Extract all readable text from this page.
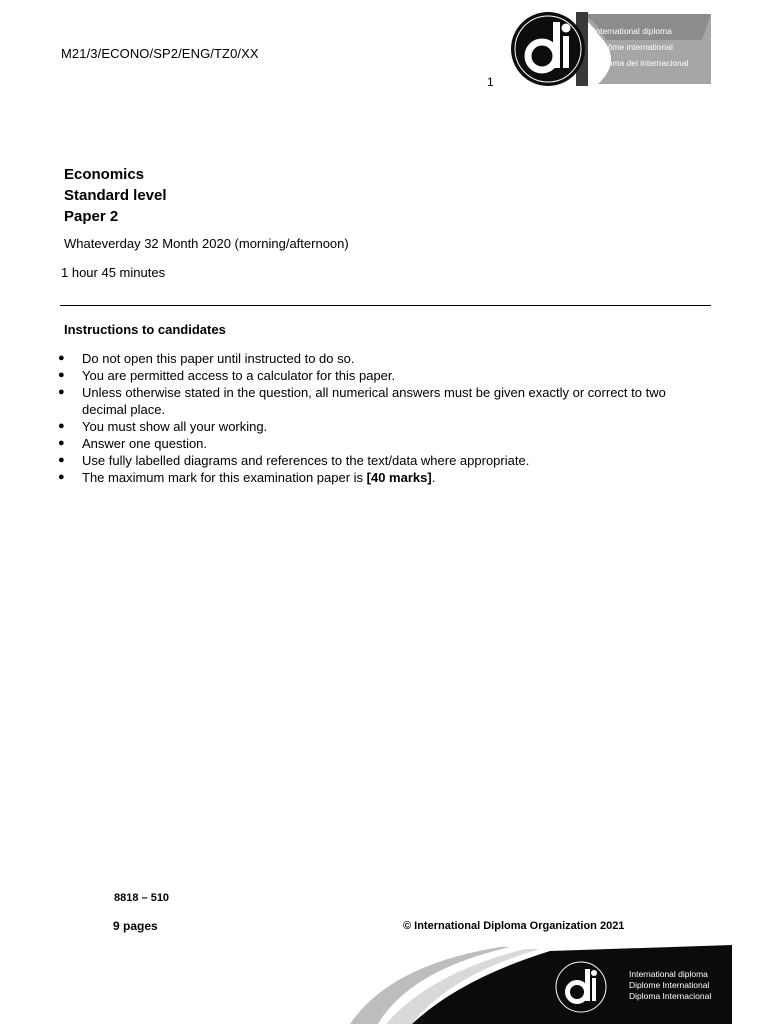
M21/3/ECONO/SP2/ENG/TZ0/XX
1
International diploma
Diplôme international
Diploma del internacional
Economics
Standard level
Paper 2
Whateverday 32 Month 2020 (morning/afternoon)
1 hour 45 minutes
Instructions to candidates
● Do not open this paper until instructed to do so.
● You are permitted access to a calculator for this paper.
● Unless otherwise stated in the question, all numerical answers must be given exactly or correct to two decimal place.
● You must show all your working.
● Answer one question.
● Use fully labelled diagrams and references to the text/data where appropriate.
● The maximum mark for this examination paper is [40 marks].
8818 – 510
9 pages	© International Diploma Organization 2021
International diploma
Diplome International
Diploma Internacional
